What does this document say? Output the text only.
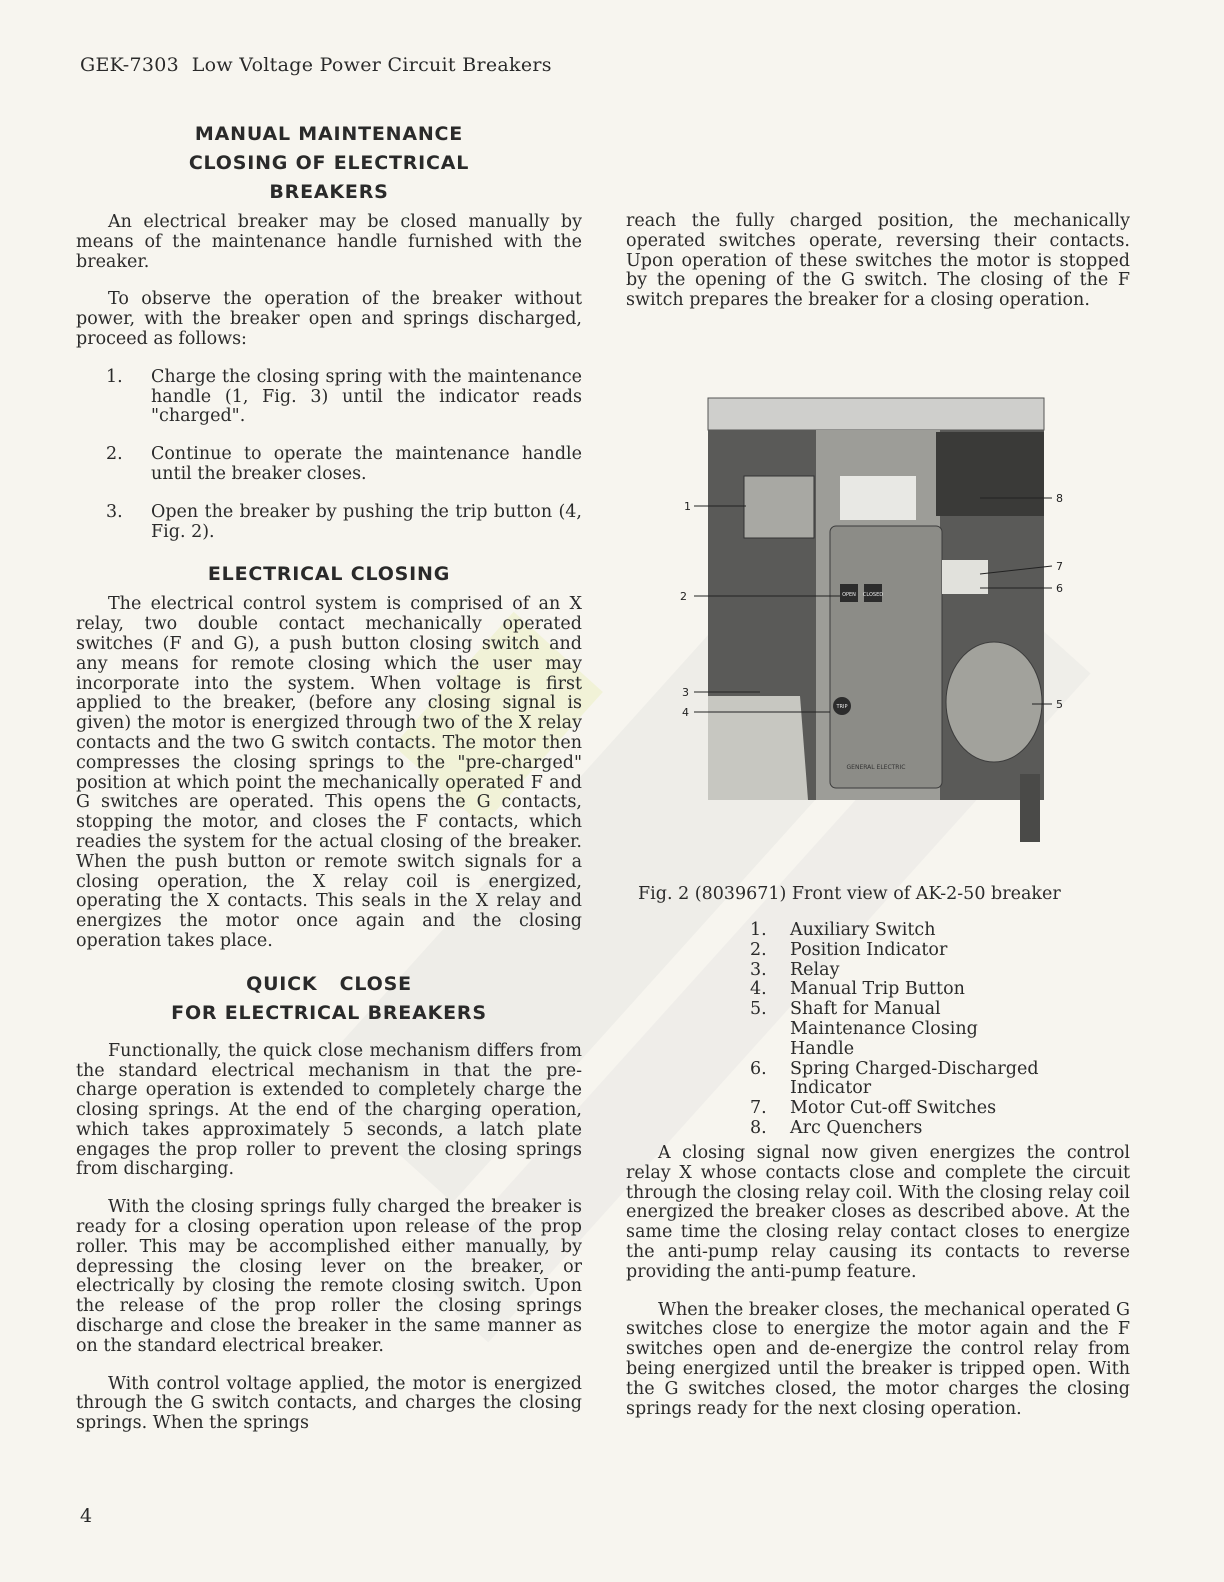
GEK-7303 Low Voltage Power Circuit Breakers
MANUAL MAINTENANCE
CLOSING OF ELECTRICAL
BREAKERS

An electrical breaker may be closed manually by means of the maintenance handle furnished with the breaker.

To observe the operation of the breaker without power, with the breaker open and springs discharged, proceed as follows:

1.	Charge the closing spring with the maintenance handle (1, Fig. 3) until the indicator reads "charged".
2.	Continue to operate the maintenance handle until the breaker closes.
3.	Open the breaker by pushing the trip button (4, Fig. 2).
ELECTRICAL CLOSING

The electrical control system is comprised of an X relay, two double contact mechanically operated switches (F and G), a push button closing switch and any means for remote closing which the user may incorporate into the system. When voltage is first applied to the breaker, (before any closing signal is given) the motor is energized through two of the X relay contacts and the two G switch contacts. The motor then compresses the closing springs to the "pre-charged" position at which point the mechanically operated F and G switches are operated. This opens the G contacts, stopping the motor, and closes the F contacts, which readies the system for the actual closing of the breaker. When the push button or remote switch signals for a closing operation, the X relay coil is energized, operating the X contacts. This seals in the X relay and energizes the motor once again and the closing operation takes place.

QUICK   CLOSE
FOR ELECTRICAL BREAKERS

Functionally, the quick close mechanism differs from the standard electrical mechanism in that the pre-charge operation is extended to completely charge the closing springs. At the end of the charging operation, which takes approximately 5 seconds, a latch plate engages the prop roller to prevent the closing springs from discharging.

With the closing springs fully charged the breaker is ready for a closing operation upon release of the prop roller. This may be accomplished either manually, by depressing the closing lever on the breaker, or electrically by closing the remote closing switch. Upon the release of the prop roller the closing springs discharge and close the breaker in the same manner as on the standard electrical breaker.

With control voltage applied, the motor is energized through the G switch contacts, and charges the closing springs. When the springs

reach the fully charged position, the mechanically operated switches operate, reversing their contacts. Upon operation of these switches the motor is stopped by the opening of the G switch. The closing of the F switch prepares the breaker for a closing operation.

OPEN CLOSED
TRIP
GENERAL ELECTRIC
1
2
3
4
5
6
7
8
Fig. 2 (8039671) Front view of AK-2-50 breaker
1.	Auxiliary Switch
2.	Position Indicator
3.	Relay
4.	Manual Trip Button
5.	Shaft for Manual Maintenance Closing Handle
6.	Spring Charged-Discharged Indicator
7.	Motor Cut-off Switches
8.	Arc Quenchers

A closing signal now given energizes the control relay X whose contacts close and complete the circuit through the closing relay coil. With the closing relay coil energized the breaker closes as described above. At the same time the closing relay contact closes to energize the anti-pump relay causing its contacts to reverse providing the anti-pump feature.

When the breaker closes, the mechanical operated G switches close to energize the motor again and the F switches open and de-energize the control relay from being energized until the breaker is tripped open. With the G switches closed, the motor charges the closing springs ready for the next closing operation.

4
